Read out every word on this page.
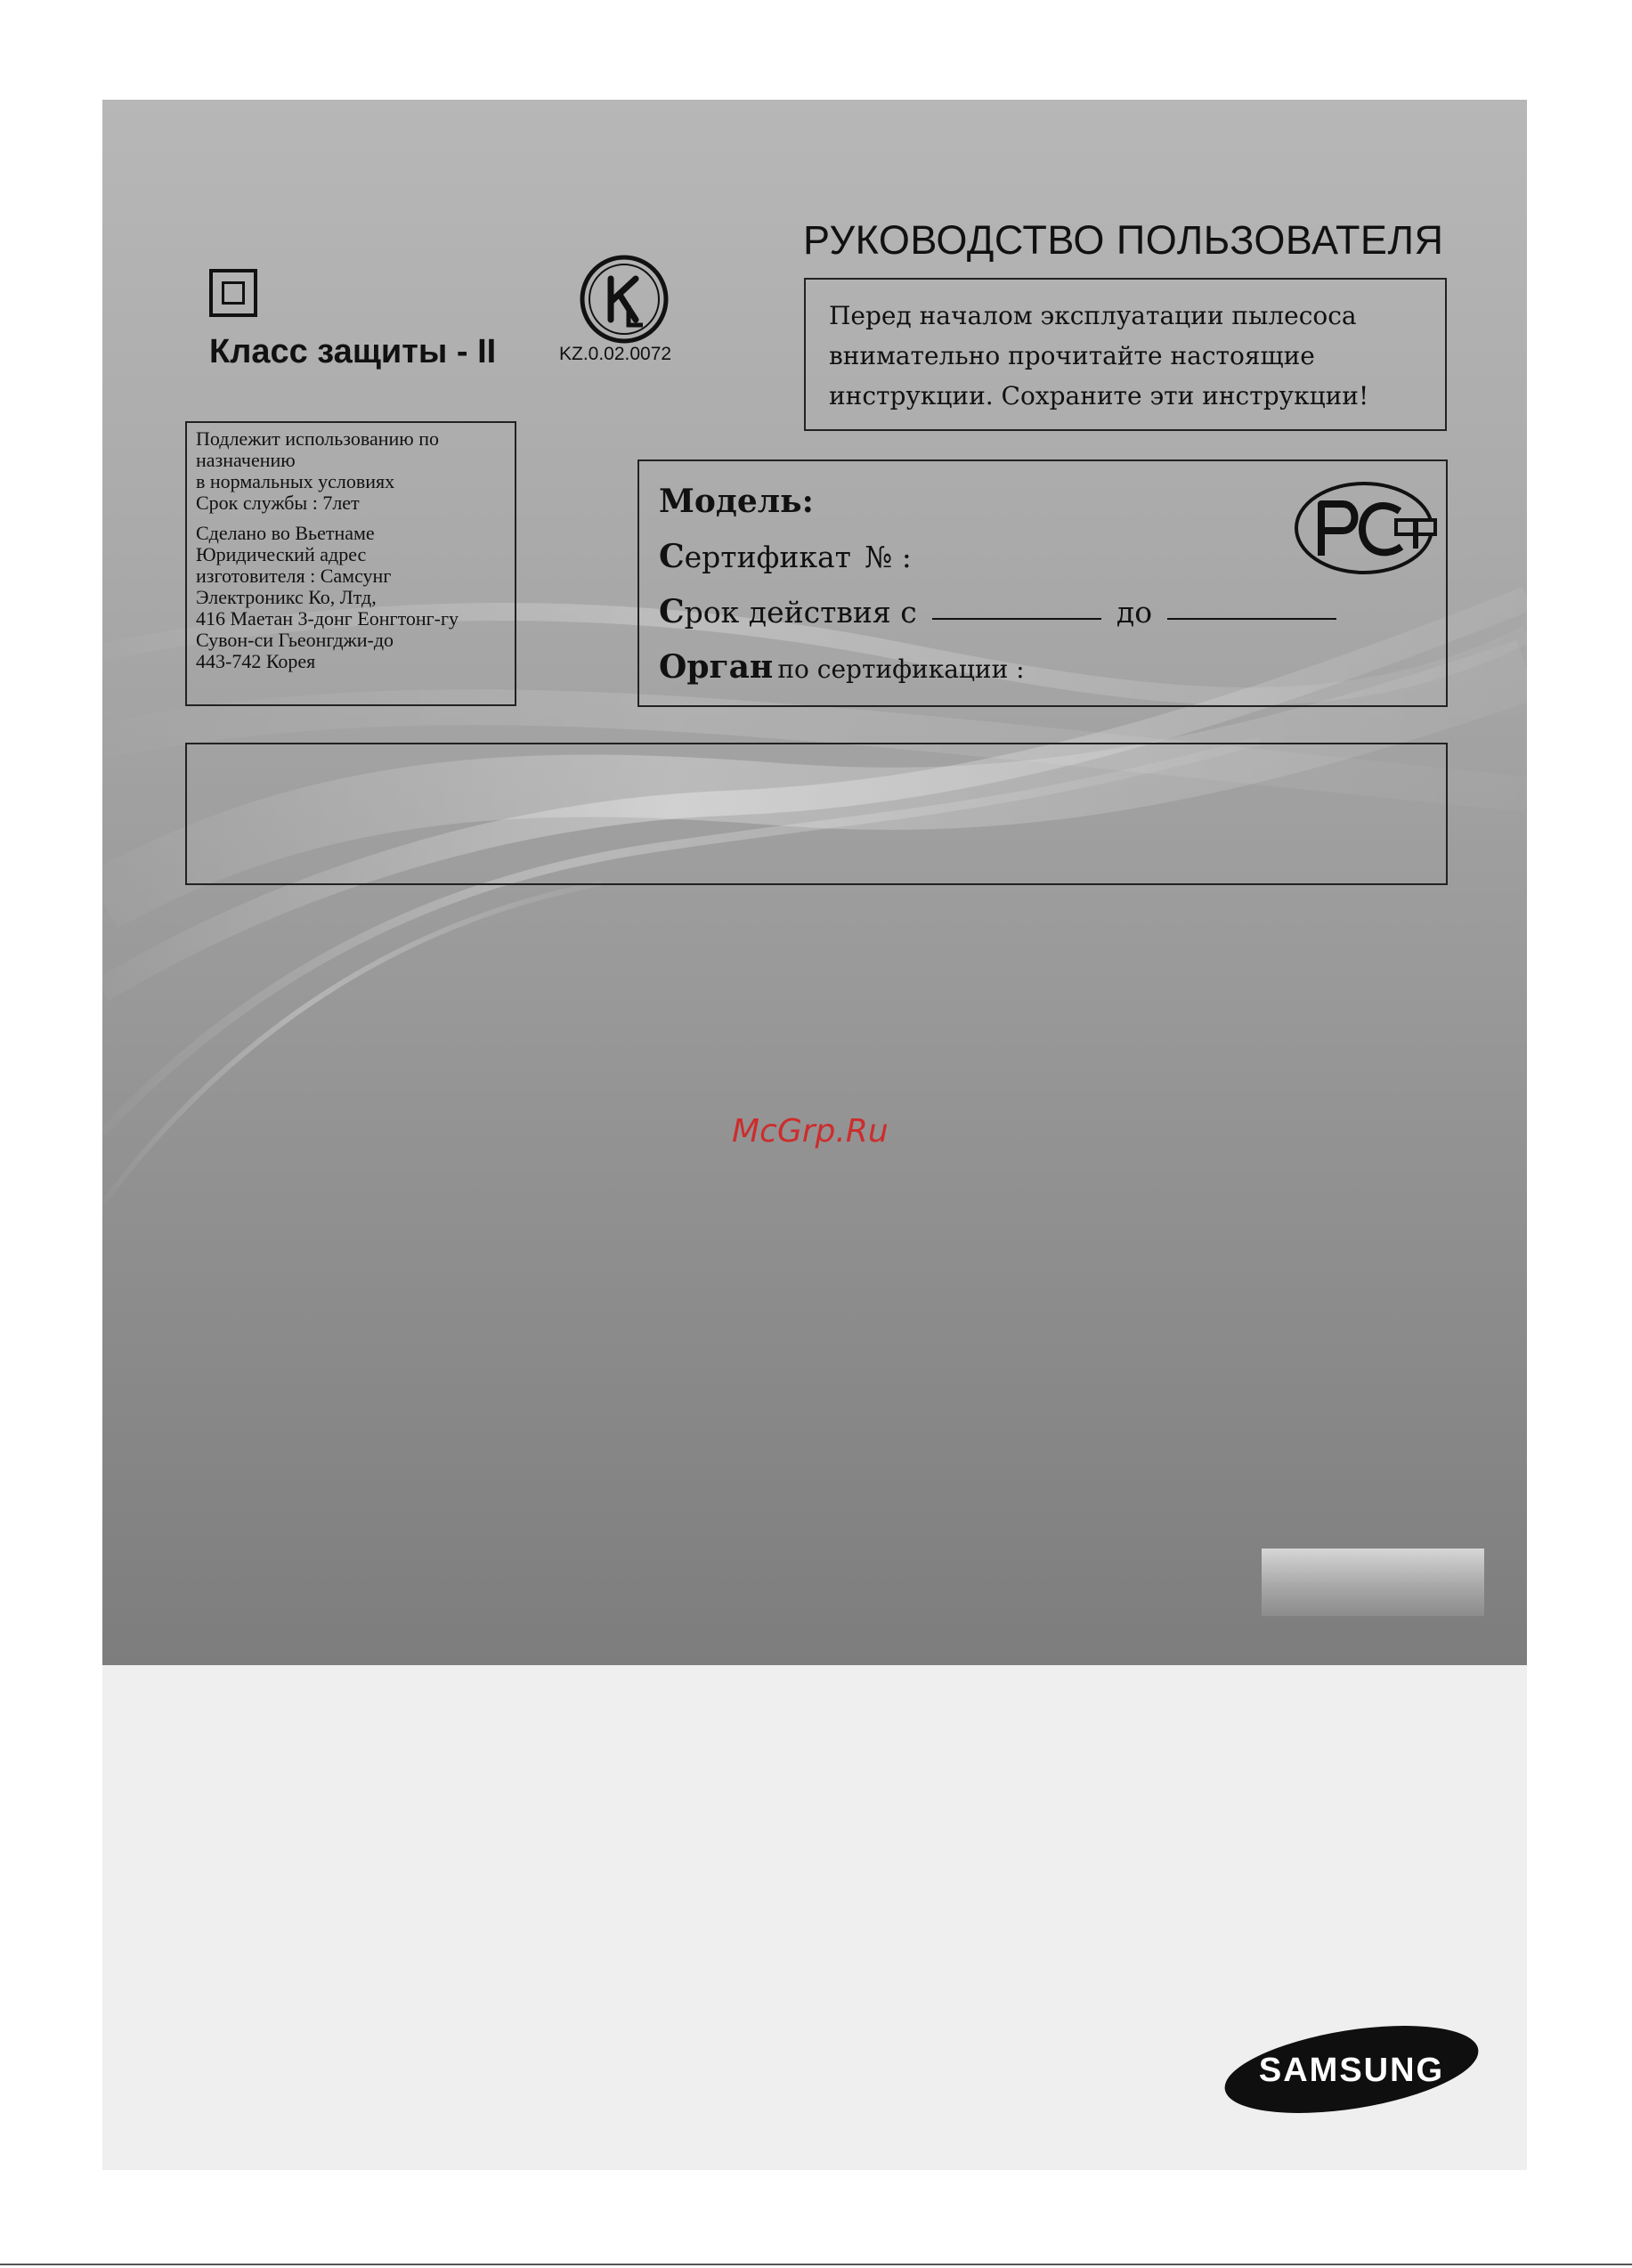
Класс защиты - II	KZ.0.02.0072
РУКОВОДСТВО ПОЛЬЗОВАТЕЛЯ
Перед началом эксплуатации пылесоса
внимательно прочитайте настоящие
инструкции. Сохраните эти инструкции!
Подлежит использованию по
назначению
в нормальных условиях
Срок службы : 7лет
Сделано во Вьетнаме
Юридический адрес
изготовителя : Самсунг
Электроникс Ко, Лтд,
416 Маетан 3-донг Еонгтонг-гу
Сувон-си Гьеонгджи-до
443-742 Корея
Модель:
Сертификат № :
Срок действия с	до
Орган по сертификации :
McGrp.Ru
SAMSUNG
